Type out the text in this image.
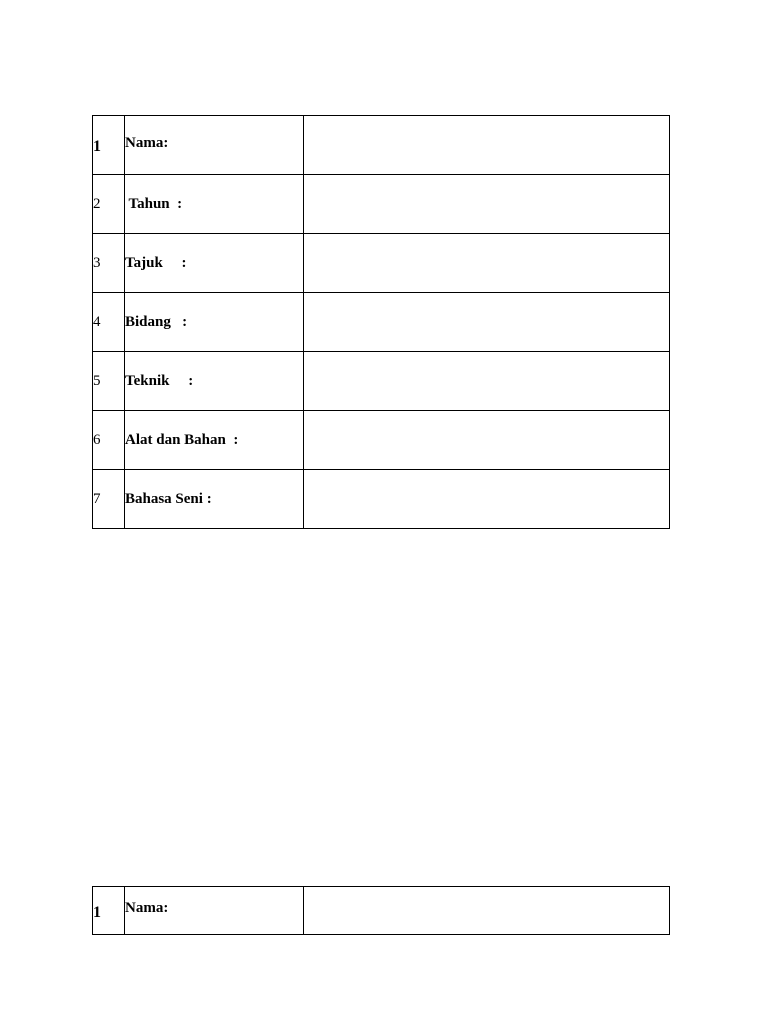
1	Nama:	
2	Tahun  :	
3	Tajuk     :	
4	Bidang   :	
5	Teknik     :	
6	Alat dan Bahan  :	
7	Bahasa Seni :	
1	Nama:	
